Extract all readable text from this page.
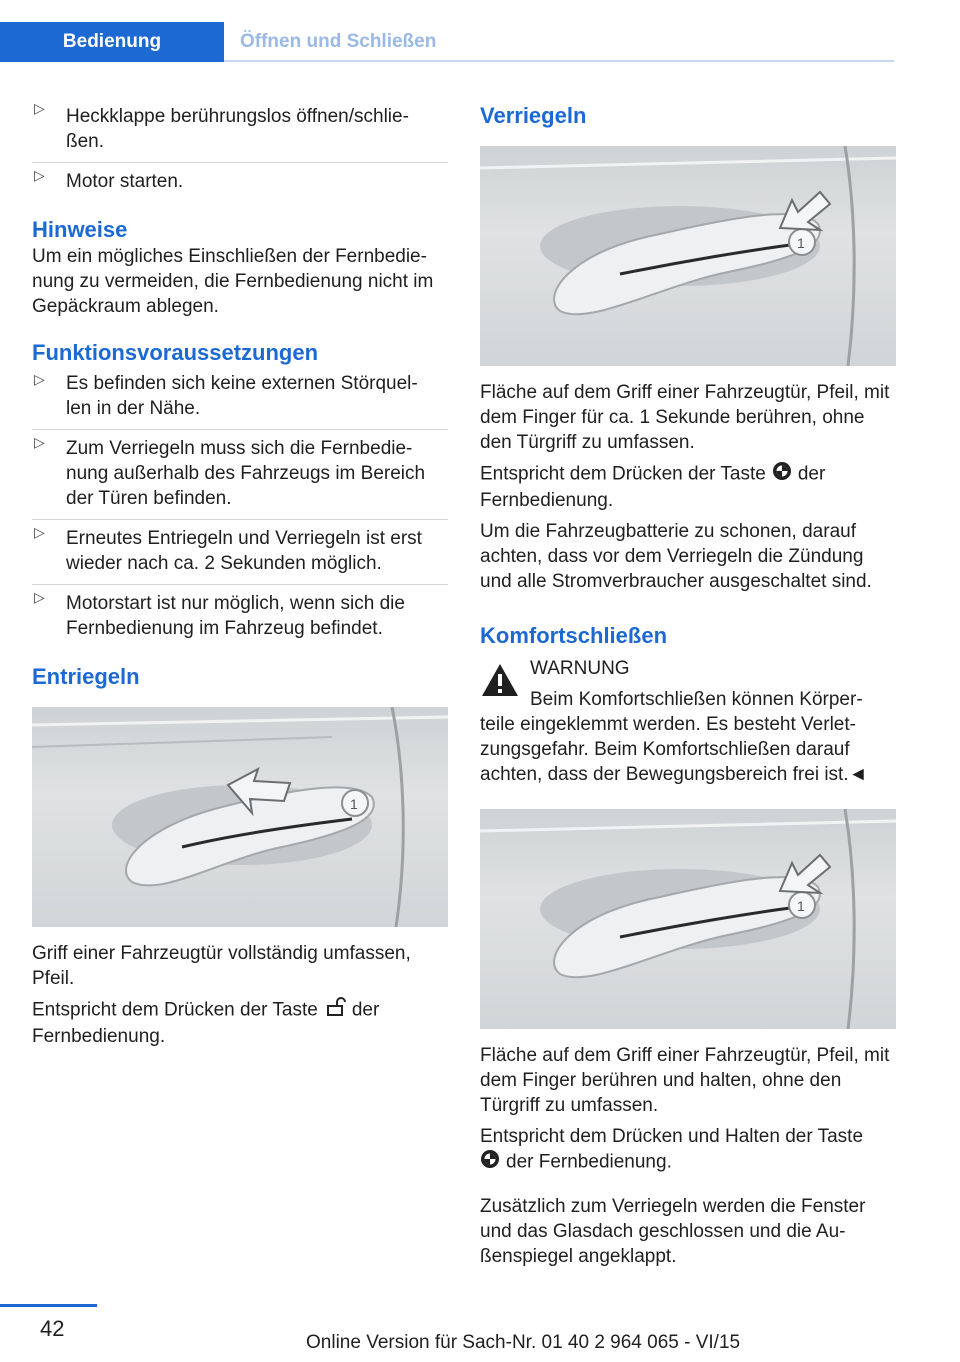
Bedienung	Öffnen und Schließen
▷ Heckklappe berührungslos öffnen/schlie‐ ßen.
▷ Motor starten.
Hinweise

Um ein mögliches Einschließen der Fernbedie‐ nung zu vermeiden, die Fernbedienung nicht im Gepäckraum ablegen.

Funktionsvoraussetzungen
▷ Es befinden sich keine externen Störquel‐ len in der Nähe.
▷ Zum Verriegeln muss sich die Fernbedie‐ nung außerhalb des Fahrzeugs im Bereich der Türen befinden.
▷ Erneutes Entriegeln und Verriegeln ist erst wieder nach ca. 2 Sekunden möglich.
▷ Motorstart ist nur möglich, wenn sich die Fernbedienung im Fahrzeug befindet.
Entriegeln
1

Griff einer Fahrzeugtür vollständig umfassen, Pfeil.

Entspricht dem Drücken der Taste der Fernbedienung.

Verriegeln
1

Fläche auf dem Griff einer Fahrzeugtür, Pfeil, mit dem Finger für ca. 1 Sekunde berühren, ohne den Türgriff zu umfassen.

Entspricht dem Drücken der Taste der Fernbedienung.

Um die Fahrzeugbatterie zu schonen, darauf achten, dass vor dem Verriegeln die Zündung und alle Stromverbraucher ausgeschaltet sind.

Komfortschließen

WARNUNG

Beim Komfortschließen können Körper‐

teile eingeklemmt werden. Es besteht Verlet‐ zungsgefahr. Beim Komfortschließen darauf achten, dass der Bewegungsbereich frei ist.◄

1

Fläche auf dem Griff einer Fahrzeugtür, Pfeil, mit dem Finger berühren und halten, ohne den Türgriff zu umfassen.

Entspricht dem Drücken und Halten der Taste
der Fernbedienung.

Zusätzlich zum Verriegeln werden die Fenster und das Glasdach geschlossen und die Au‐ ßenspiegel angeklappt.

42
Online Version für Sach-Nr. 01 40 2 964 065 - VI/15
